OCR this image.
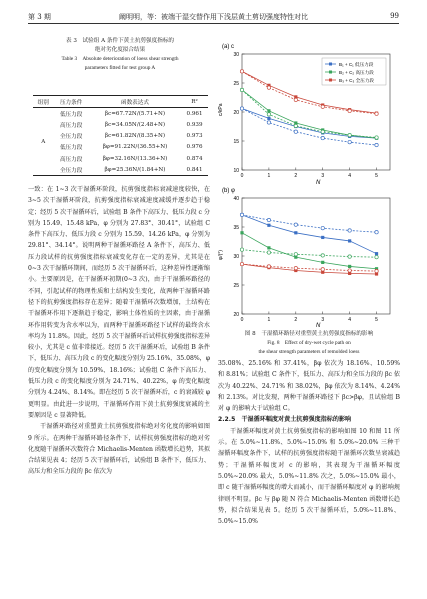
第 3 期	阚明明，等：被端干湿交替作用下浅层黄土剪切强度特性对比	99
表 3　试验组 A 条件下黄土抗剪强度指标的
绝对劣化度拟合结果
Table 3　Absolute deterioration of loess shear strength
parameters fitted for test group A
组别	压力条件	函数表达式	R²
A	低压力段	βc=67.72N/(5.71+N)	0.961
	高压力段	βc=34.05N/(2.48+N)	0.939
	全压力段	βc=61.82N/(8.35+N)	0.973
	低压力段	βφ=91.22N/(36.55+N)	0.976
	高压力段	βφ=32.16N/(13.36+N)	0.874
	全压力段	βφ=25.36N/(1.84+N)	0.841

一致：在 1~3 次干湿循环阶段，抗剪强度指标衰减速度较快，在 3~5 次干湿循环阶段，抗剪强度指标衰减速度减缓并逐步趋于稳定；经历 5 次干湿循环后，试验组 B 条件下高压力、低压力段 c 分别为 15.49、15.48 kPa，φ 分别为 27.83°、30.41°，试验组 C 条件下高压力、低压力段 c 分别为 15.59、14.26 kPa，φ 分别为 29.81°、34.14°。说明两种干湿循环路径 A 条件下，高压力、低压力段试样的抗剪强度指标衰减变化存在一定的差异，尤其是在 0~3 次干湿循环期间，而经历 5 次干湿循环后，这种差异性逐渐缩小。主要原因是，在干湿循环初期(0~3 次)，由于干湿循环路径的不同，引起试样的物理性质和土结构发生变化，故两种干湿循环路径下的抗剪强度指标存在差异；随着干湿循环次数增加，土结构在干湿循环作用下逐渐趋于稳定，影响土体性质的主因素，由于湿循环作用转变为含水率以为，而两种干湿循环路径下试样的最终含水率均为 11.8%。因此，经历 5 次干湿循环后试样抗剪强度指标差异较小，尤其是 c 值非常接近。经历 5 次干湿循环后，试验组 B 条件下，低压力、高压力段 c 的变化幅度分别为 25.16%、35.08%，φ 的变化幅度分别为 10.59%、18.16%；试验组 C 条件下高压力、低压力段 c 的变化幅度分别为 24.71%、40.22%，φ 的变化幅度分别为 4.24%、8.14%。即在经历 5 次干湿循环后，c 的衰减较 φ 更明显。由此进一步说明，干湿循环作用下黄土抗剪强度衰减的主要原因是 c 显著降低。

干湿循环路径对重塑黄土抗剪强度指标绝对劣化度的影响如图 9 所示。在两种干湿循环路径条件下，试样抗剪强度指标的绝对劣化度随干湿循环次数符合 Michaelis-Menten 函数增长趋势，其拟合结果见表 4；经历 5 次干湿循环后，试验组 B 条件下，低压力、高压力和全压力段的 βc 依次为

(a) c
(b) φ
10
15
20
25
30
0	1	2	3	4	5
B₁ + C₁ 低压力段
B₂ + C₂ 高压力段
B₃ + C₃ 全压力段
20
25
30
35
40
0	1	2	3	4	5
c/kPa
φ/(°)
N
N
图 8　干湿循环路径对重塑黄土抗剪强度指标的影响
Fig. 8　Effect of dry-wet cycle path on
the shear strength parameters of remolded loess

35.08%、25.16% 和 37.41%，βφ 依次为 18.16%、10.59% 和 8.81%；试验组 C 条件下，低压力、高压力和全压力段的 βc 依次为 40.22%、24.71% 和 38.02%，βφ 依次为 8.14%、4.24% 和 2.13%。对比发现，两种干湿循环路径下 βc>βφ，且试验组 B 对 φ 的影响大于试验组 C。

2.2.5　干湿循环幅度对黄土抗剪强度指标的影响

干湿循环幅度对黄土抗剪强度指标的影响如图 10 和图 11 所示。在 5.0%~11.8%、5.0%~15.0% 和 5.0%~20.0% 三种干湿循环幅度条件下，试样的抗剪强度指标随干湿循环次数呈衰减趋势；干湿循环幅度对 c 的影响，其表现为干湿循环幅度 5.0%~20.0% 最大，5.0%~11.8% 次之，5.0%~15.0% 最小，即 c 随干湿循环幅度的增大而减小，而干湿循环幅度对 φ 的影响规律则不明显。βc 与 βφ 随 N 符合 Michaelis-Menten 函数增长趋势，拟合结果见表 5。经历 5 次干湿循环后，5.0%~11.8%、5.0%~15.0%
